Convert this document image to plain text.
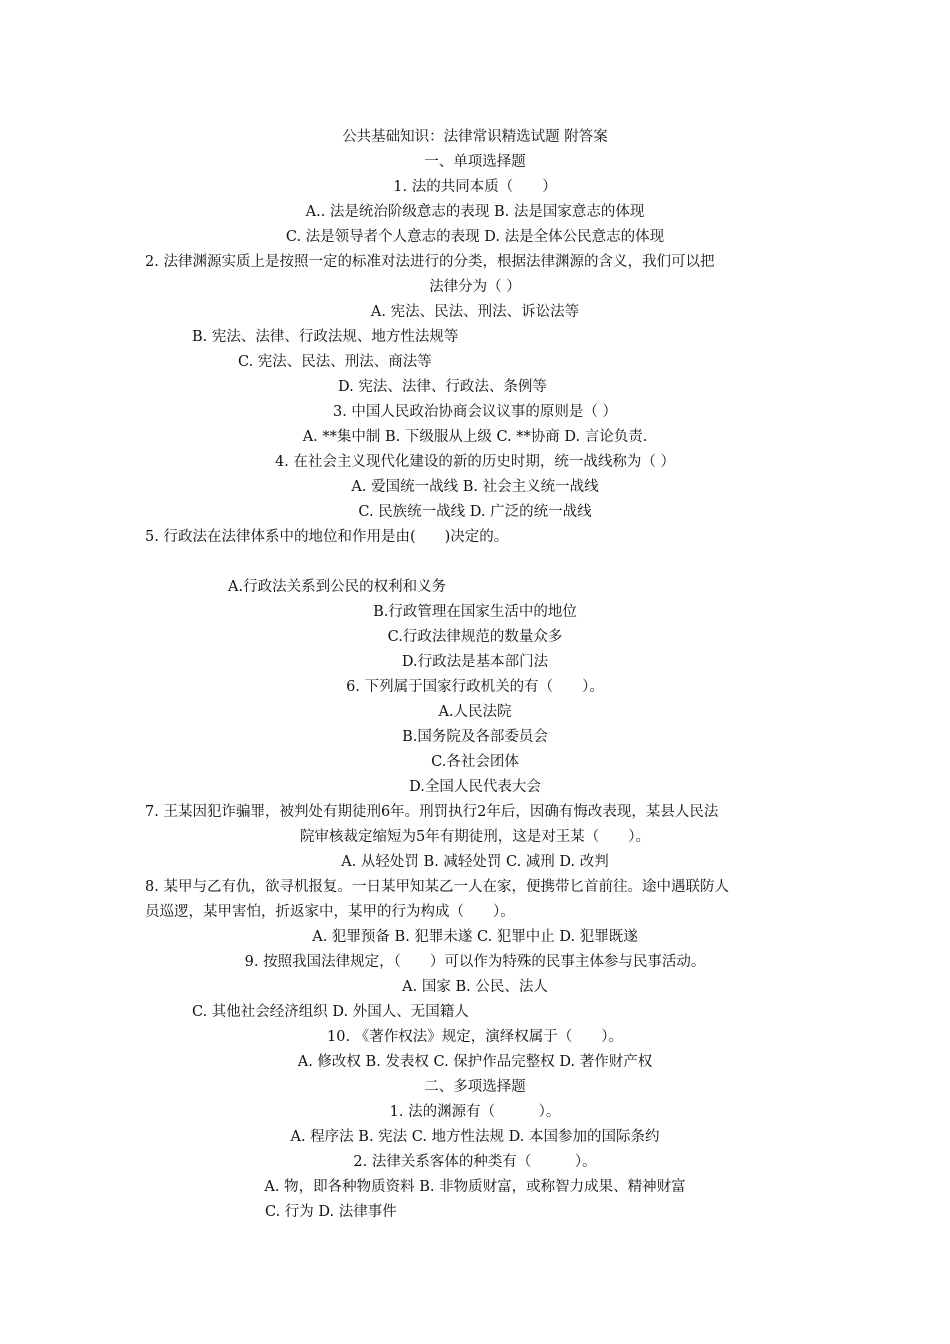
公共基础知识：法律常识精选试题 附答案
一、单项选择题
1. 法的共同本质（　　）
A.. 法是统治阶级意志的表现 B. 法是国家意志的体现
C. 法是领导者个人意志的表现 D. 法是全体公民意志的体现
2. 法律渊源实质上是按照一定的标准对法进行的分类，根据法律渊源的含义，我们可以把
法律分为（ ）
A. 宪法、民法、刑法、诉讼法等
B. 宪法、法律、行政法规、地方性法规等
C. 宪法、民法、刑法、商法等
D. 宪法、法律、行政法、条例等
3. 中国人民政治协商会议议事的原则是（ ）
A. **集中制 B. 下级服从上级 C. **协商 D. 言论负责.
4. 在社会主义现代化建设的新的历史时期，统一战线称为（ ）
A. 爱国统一战线 B. 社会主义统一战线
C. 民族统一战线 D. 广泛的统一战线
5. 行政法在法律体系中的地位和作用是由(　　)决定的。
A.行政法关系到公民的权利和义务
B.行政管理在国家生活中的地位
C.行政法律规范的数量众多
D.行政法是基本部门法
6. 下列属于国家行政机关的有（　　）。
A.人民法院
B.国务院及各部委员会
C.各社会团体
D.全国人民代表大会
7. 王某因犯诈骗罪，被判处有期徒刑6年。刑罚执行2年后，因确有悔改表现，某县人民法
院审核裁定缩短为5年有期徒刑，这是对王某（　　）。
A. 从轻处罚 B. 减轻处罚 C. 减刑 D. 改判
8. 某甲与乙有仇，欲寻机报复。一日某甲知某乙一人在家，便携带匕首前往。途中遇联防人
员巡逻，某甲害怕，折返家中，某甲的行为构成（　　）。
A. 犯罪预备 B. 犯罪未遂 C. 犯罪中止 D. 犯罪既遂
9. 按照我国法律规定，（　　）可以作为特殊的民事主体参与民事活动。
A. 国家 B. 公民、法人
C. 其他社会经济组织 D. 外国人、无国籍人
10. 《著作权法》规定，演绎权属于（　　）。
A. 修改权 B. 发表权 C. 保护作品完整权 D. 著作财产权
二、多项选择题
1. 法的渊源有（　　　）。
A. 程序法 B. 宪法 C. 地方性法规 D. 本国参加的国际条约
2. 法律关系客体的种类有（　　　）。
A. 物，即各种物质资料 B. 非物质财富，或称智力成果、精神财富
C. 行为 D. 法律事件
